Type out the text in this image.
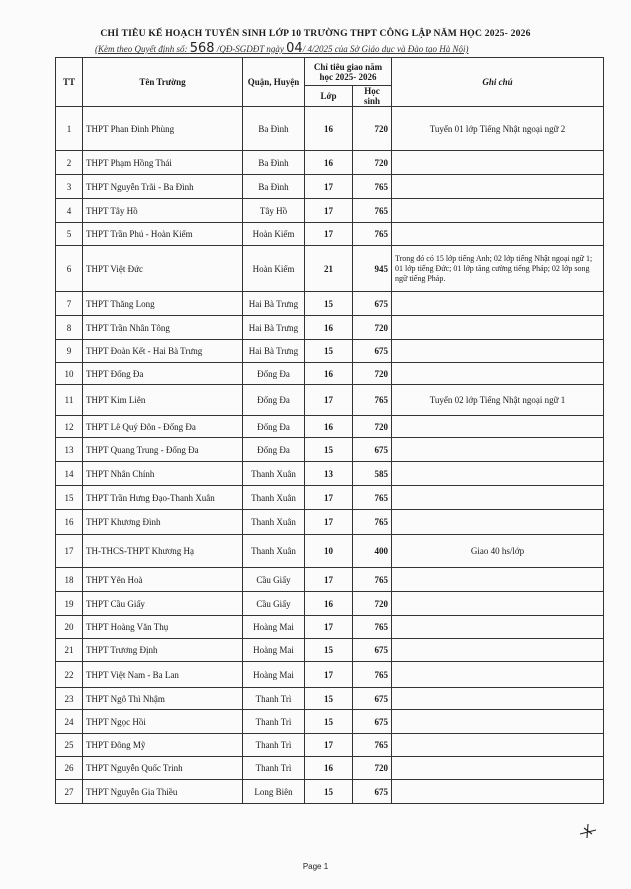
CHỈ TIÊU KẾ HOẠCH TUYỂN SINH LỚP 10 TRƯỜNG THPT CÔNG LẬP NĂM HỌC 2025- 2026
(Kèm theo Quyết định số: 568 /QĐ-SGDĐT ngày 04/ 4/2025 của Sở Giáo dục và Đào tạo Hà Nội)
TT	Tên Trường	Quận, Huyện	Chỉ tiêu giao năm học 2025- 2026		Ghi chú
			Lớp	Học sinh	
1	THPT Phan Đình Phùng	Ba Đình	16	720	Tuyển 01 lớp Tiếng Nhật ngoại ngữ 2
2	THPT Phạm Hồng Thái	Ba Đình	16	720	
3	THPT Nguyễn Trãi - Ba Đình	Ba Đình	17	765	
4	THPT Tây Hồ	Tây Hồ	17	765	
5	THPT Trần Phú - Hoàn Kiếm	Hoàn Kiếm	17	765	
6	THPT Việt Đức	Hoàn Kiếm	21	945	Trong đó có 15 lớp tiếng Anh; 02 lớp tiếng Nhật ngoại ngữ 1; 01 lớp tiếng Đức; 01 lớp tăng cường tiếng Pháp; 02 lớp song ngữ tiếng Pháp.
7	THPT Thăng Long	Hai Bà Trưng	15	675	
8	THPT Trần Nhân Tông	Hai Bà Trưng	16	720	
9	THPT Đoàn Kết - Hai Bà Trưng	Hai Bà Trưng	15	675	
10	THPT Đống Đa	Đống Đa	16	720	
11	THPT Kim Liên	Đống Đa	17	765	Tuyển 02 lớp Tiếng Nhật ngoại ngữ 1
12	THPT Lê Quý Đôn - Đống Đa	Đống Đa	16	720	
13	THPT Quang Trung - Đống Đa	Đống Đa	15	675	
14	THPT Nhân Chính	Thanh Xuân	13	585	
15	THPT Trần Hưng Đạo-Thanh Xuân	Thanh Xuân	17	765	
16	THPT Khương Đình	Thanh Xuân	17	765	
17	TH-THCS-THPT Khương Hạ	Thanh Xuân	10	400	Giao 40 hs/lớp
18	THPT Yên Hoà	Cầu Giấy	17	765	
19	THPT Cầu Giấy	Cầu Giấy	16	720	
20	THPT Hoàng Văn Thụ	Hoàng Mai	17	765	
21	THPT Trương Định	Hoàng Mai	15	675	
22	THPT Việt Nam - Ba Lan	Hoàng Mai	17	765	
23	THPT Ngô Thì Nhậm	Thanh Trì	15	675	
24	THPT Ngọc Hồi	Thanh Trì	15	675	
25	THPT Đông Mỹ	Thanh Trì	17	765	
26	THPT Nguyễn Quốc Trinh	Thanh Trì	16	720	
27	THPT Nguyễn Gia Thiều	Long Biên	15	675	
Page 1
